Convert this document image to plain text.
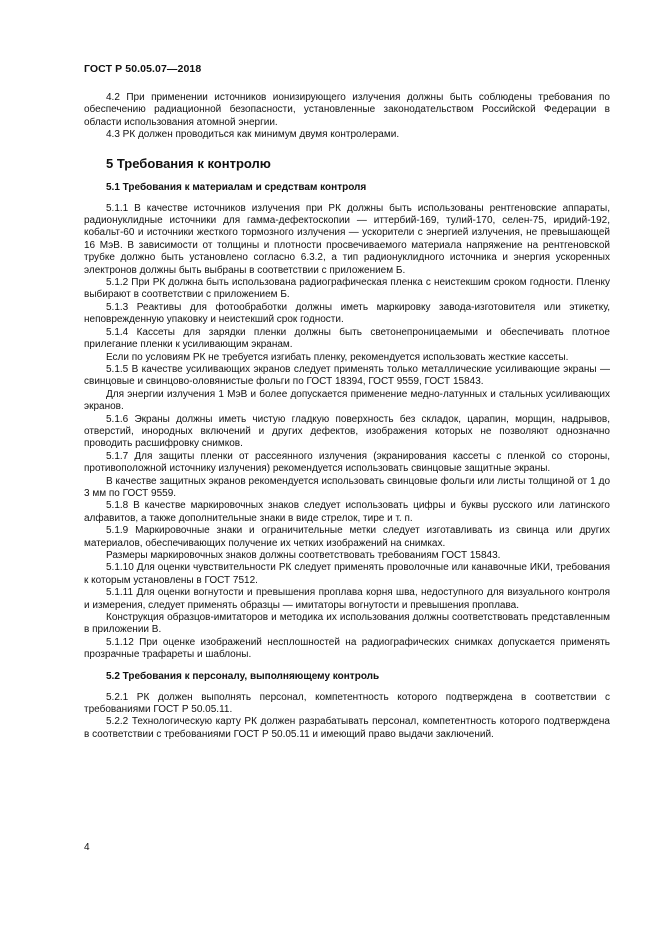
ГОСТ Р 50.05.07—2018

4.2 При применении источников ионизирующего излучения должны быть соблюдены требования по обеспечению радиационной безопасности, установленные законодательством Российской Федерации в области использования атомной энергии.

4.3 РК должен проводиться как минимум двумя контролерами.

5 Требования к контролю
5.1 Требования к материалам и средствам контроля

5.1.1 В качестве источников излучения при РК должны быть использованы рентгеновские аппараты, радионуклидные источники для гамма-дефектоскопии — иттербий-169, тулий-170, селен-75, иридий-192, кобальт-60 и источники жесткого тормозного излучения — ускорители с энергией излучения, не превышающей 16 МэВ. В зависимости от толщины и плотности просвечиваемого материала напряжение на рентгеновской трубке должно быть установлено согласно 6.3.2, а тип радионуклидного источника и энергия ускоренных электронов должны быть выбраны в соответствии с приложением Б.

5.1.2 При РК должна быть использована радиографическая пленка с неистекшим сроком годности. Пленку выбирают в соответствии с приложением Б.

5.1.3 Реактивы для фотообработки должны иметь маркировку завода-изготовителя или этикетку, неповрежденную упаковку и неистекший срок годности.

5.1.4 Кассеты для зарядки пленки должны быть светонепроницаемыми и обеспечивать плотное прилегание пленки к усиливающим экранам.

Если по условиям РК не требуется изгибать пленку, рекомендуется использовать жесткие кассеты.

5.1.5 В качестве усиливающих экранов следует применять только металлические усиливающие экраны — свинцовые и свинцово-оловянистые фольги по ГОСТ 18394, ГОСТ 9559, ГОСТ 15843.

Для энергии излучения 1 МэВ и более допускается применение медно-латунных и стальных усиливающих экранов.

5.1.6 Экраны должны иметь чистую гладкую поверхность без складок, царапин, морщин, надрывов, отверстий, инородных включений и других дефектов, изображения которых не позволяют однозначно проводить расшифровку снимков.

5.1.7 Для защиты пленки от рассеянного излучения (экранирования кассеты с пленкой со стороны, противоположной источнику излучения) рекомендуется использовать свинцовые защитные экраны.

В качестве защитных экранов рекомендуется использовать свинцовые фольги или листы толщиной от 1 до 3 мм по ГОСТ 9559.

5.1.8 В качестве маркировочных знаков следует использовать цифры и буквы русского или латинского алфавитов, а также дополнительные знаки в виде стрелок, тире и т. п.

5.1.9 Маркировочные знаки и ограничительные метки следует изготавливать из свинца или других материалов, обеспечивающих получение их четких изображений на снимках.

Размеры маркировочных знаков должны соответствовать требованиям ГОСТ 15843.

5.1.10 Для оценки чувствительности РК следует применять проволочные или канавочные ИКИ, требования к которым установлены в ГОСТ 7512.

5.1.11 Для оценки вогнутости и превышения проплава корня шва, недоступного для визуального контроля и измерения, следует применять образцы — имитаторы вогнутости и превышения проплава.

Конструкция образцов-имитаторов и методика их использования должны соответствовать представленным в приложении В.

5.1.12 При оценке изображений несплошностей на радиографических снимках допускается применять прозрачные трафареты и шаблоны.

5.2 Требования к персоналу, выполняющему контроль

5.2.1 РК должен выполнять персонал, компетентность которого подтверждена в соответствии с требованиями ГОСТ Р 50.05.11.

5.2.2 Технологическую карту РК должен разрабатывать персонал, компетентность которого подтверждена в соответствии с требованиями ГОСТ Р 50.05.11 и имеющий право выдачи заключений.

4
